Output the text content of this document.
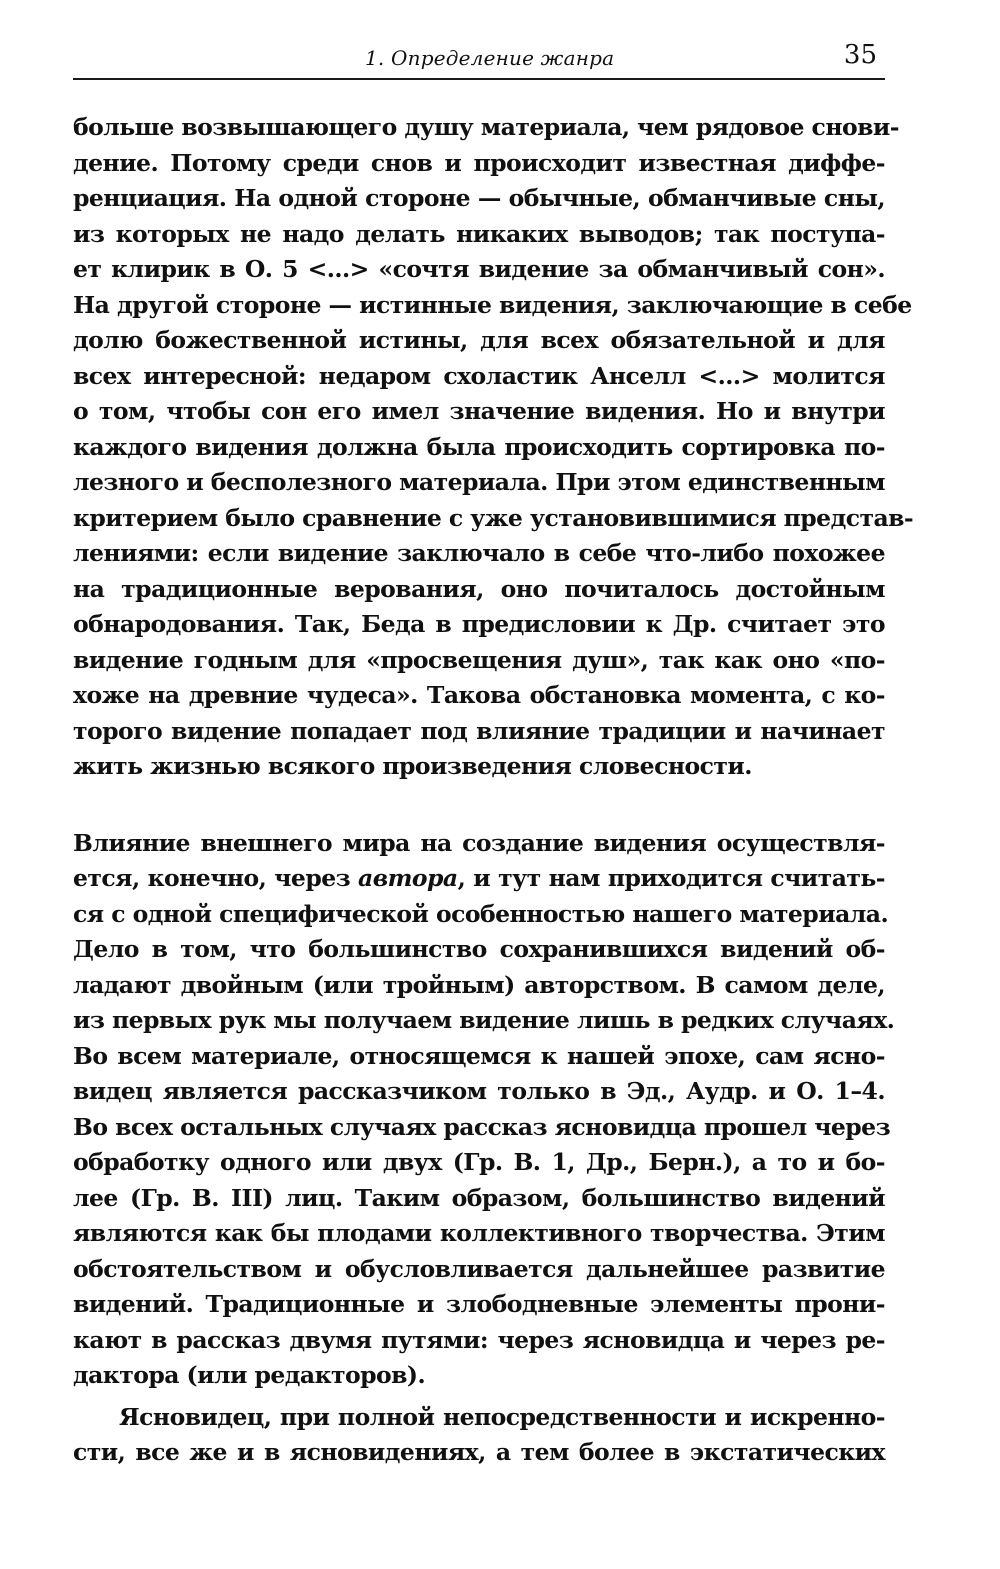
1. Определение жанра	35
больше возвышающего душу материала, чем рядовое снови-
дение. Потому среди снов и происходит известная диффе-
ренциация. На одной стороне — обычные, обманчивые сны,
из которых не надо делать никаких выводов; так поступа-
ет клирик в О. 5 <...> «сочтя видение за обманчивый сон».
На другой стороне — истинные видения, заключающие в себе
долю божественной истины, для всех обязательной и для
всех интересной: недаром схоластик Анселл <...> молится
о том, чтобы сон его имел значение видения. Но и внутри
каждого видения должна была происходить сортировка по-
лезного и бесполезного материала. При этом единственным
критерием было сравнение с уже установившимися представ-
лениями: если видение заключало в себе что-либо похожее
на традиционные верования, оно почиталось достойным
обнародования. Так, Беда в предисловии к Др. считает это
видение годным для «просвещения душ», так как оно «по-
хоже на древние чудеса». Такова обстановка момента, с ко-
торого видение попадает под влияние традиции и начинает
жить жизнью всякого произведения словесности.
Влияние внешнего мира на создание видения осуществля-
ется, конечно, через автора, и тут нам приходится считать-
ся с одной специфической особенностью нашего материала.
Дело в том, что большинство сохранившихся видений об-
ладают двойным (или тройным) авторством. В самом деле,
из первых рук мы получаем видение лишь в редких случаях.
Во всем материале, относящемся к нашей эпохе, сам ясно-
видец является рассказчиком только в Эд., Аудр. и О. 1–4.
Во всех остальных случаях рассказ ясновидца прошел через
обработку одного или двух (Гр. В. 1, Др., Берн.), а то и бо-
лее (Гр. В. III) лиц. Таким образом, большинство видений
являются как бы плодами коллективного творчества. Этим
обстоятельством и обусловливается дальнейшее развитие
видений. Традиционные и злободневные элементы прони-
кают в рассказ двумя путями: через ясновидца и через ре-
дактора (или редакторов).
Ясновидец, при полной непосредственности и искренно-
сти, все же и в ясновидениях, а тем более в экстатических
